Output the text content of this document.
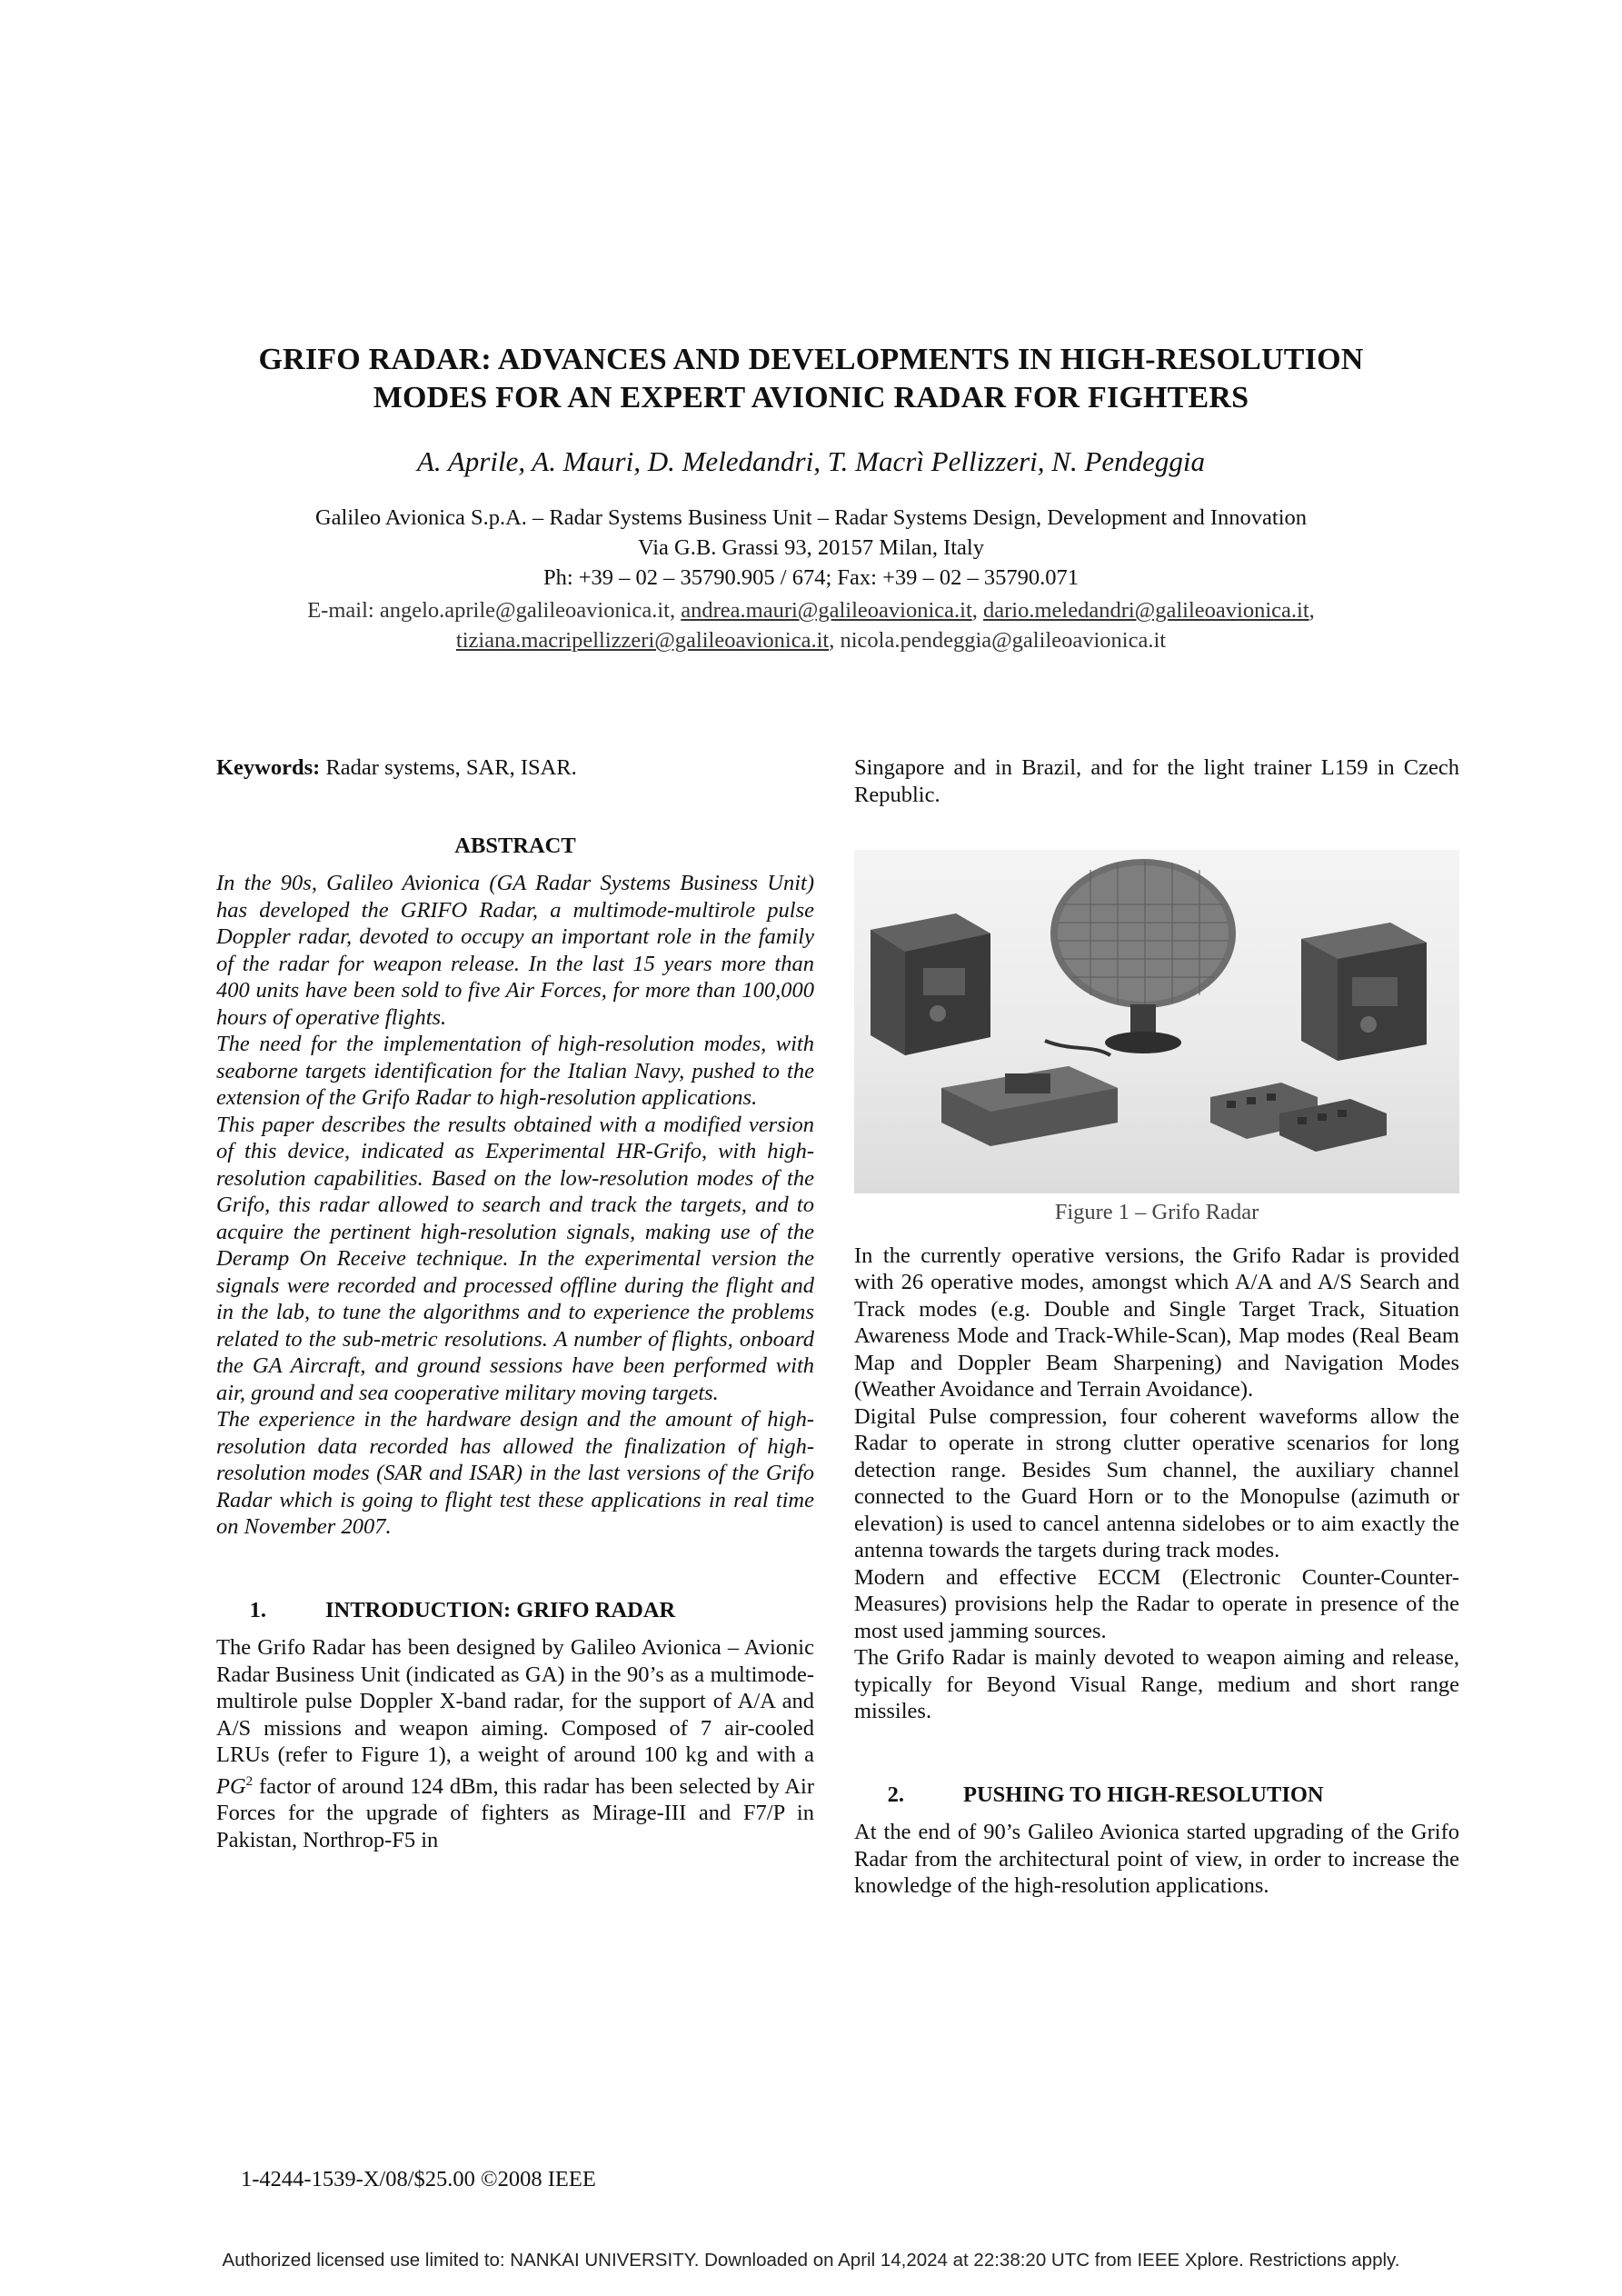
GRIFO RADAR: ADVANCES AND DEVELOPMENTS IN HIGH-RESOLUTION
MODES FOR AN EXPERT AVIONIC RADAR FOR FIGHTERS
A. Aprile, A. Mauri, D. Meledandri, T. Macrì Pellizzeri, N. Pendeggia
Galileo Avionica S.p.A. – Radar Systems Business Unit – Radar Systems Design, Development and Innovation
Via G.B. Grassi 93, 20157 Milan, Italy
Ph: +39 – 02 – 35790.905 / 674; Fax: +39 – 02 – 35790.071
E-mail: angelo.aprile@galileoavionica.it, andrea.mauri@galileoavionica.it, dario.meledandri@galileoavionica.it,
tiziana.macripellizzeri@galileoavionica.it, nicola.pendeggia@galileoavionica.it

Keywords: Radar systems, SAR, ISAR.

ABSTRACT

In the 90s, Galileo Avionica (GA Radar Systems Business Unit) has developed the GRIFO Radar, a multimode-multirole pulse Doppler radar, devoted to occupy an important role in the family of the radar for weapon release. In the last 15 years more than 400 units have been sold to five Air Forces, for more than 100,000 hours of operative flights.

The need for the implementation of high-resolution modes, with seaborne targets identification for the Italian Navy, pushed to the extension of the Grifo Radar to high-resolution applications.

This paper describes the results obtained with a modified version of this device, indicated as Experimental HR-Grifo, with high-resolution capabilities. Based on the low-resolution modes of the Grifo, this radar allowed to search and track the targets, and to acquire the pertinent high-resolution signals, making use of the Deramp On Receive technique. In the experimental version the signals were recorded and processed offline during the flight and in the lab, to tune the algorithms and to experience the problems related to the sub-metric resolutions. A number of flights, onboard the GA Aircraft, and ground sessions have been performed with air, ground and sea cooperative military moving targets.

The experience in the hardware design and the amount of high-resolution data recorded has allowed the finalization of high-resolution modes (SAR and ISAR) in the last versions of the Grifo Radar which is going to flight test these applications in real time on November 2007.

1.	INTRODUCTION: GRIFO RADAR

The Grifo Radar has been designed by Galileo Avionica – Avionic Radar Business Unit (indicated as GA) in the 90’s as a multimode-multirole pulse Doppler X-band radar, for the support of A/A and A/S missions and weapon aiming. Composed of 7 air-cooled LRUs (refer to Figure 1), a weight of around 100 kg and with a $PG^2$ factor of around 124 dBm, this radar has been selected by Air Forces for the upgrade of fighters as Mirage-III and F7/P in Pakistan, Northrop-F5 in

Singapore and in Brazil, and for the light trainer L159 in Czech Republic.

Figure 1 – Grifo Radar

In the currently operative versions, the Grifo Radar is provided with 26 operative modes, amongst which A/A and A/S Search and Track modes (e.g. Double and Single Target Track, Situation Awareness Mode and Track-While-Scan), Map modes (Real Beam Map and Doppler Beam Sharpening) and Navigation Modes (Weather Avoidance and Terrain Avoidance).

Digital Pulse compression, four coherent waveforms allow the Radar to operate in strong clutter operative scenarios for long detection range. Besides Sum channel, the auxiliary channel connected to the Guard Horn or to the Monopulse (azimuth or elevation) is used to cancel antenna sidelobes or to aim exactly the antenna towards the targets during track modes.

Modern and effective ECCM (Electronic Counter-Counter-Measures) provisions help the Radar to operate in presence of the most used jamming sources.

The Grifo Radar is mainly devoted to weapon aiming and release, typically for Beyond Visual Range, medium and short range missiles.

2.	PUSHING TO HIGH-RESOLUTION

At the end of 90’s Galileo Avionica started upgrading of the Grifo Radar from the architectural point of view, in order to increase the knowledge of the high-resolution applications.

1-4244-1539-X/08/$25.00 ©2008 IEEE
Authorized licensed use limited to: NANKAI UNIVERSITY. Downloaded on April 14,2024 at 22:38:20 UTC from IEEE Xplore. Restrictions apply.
